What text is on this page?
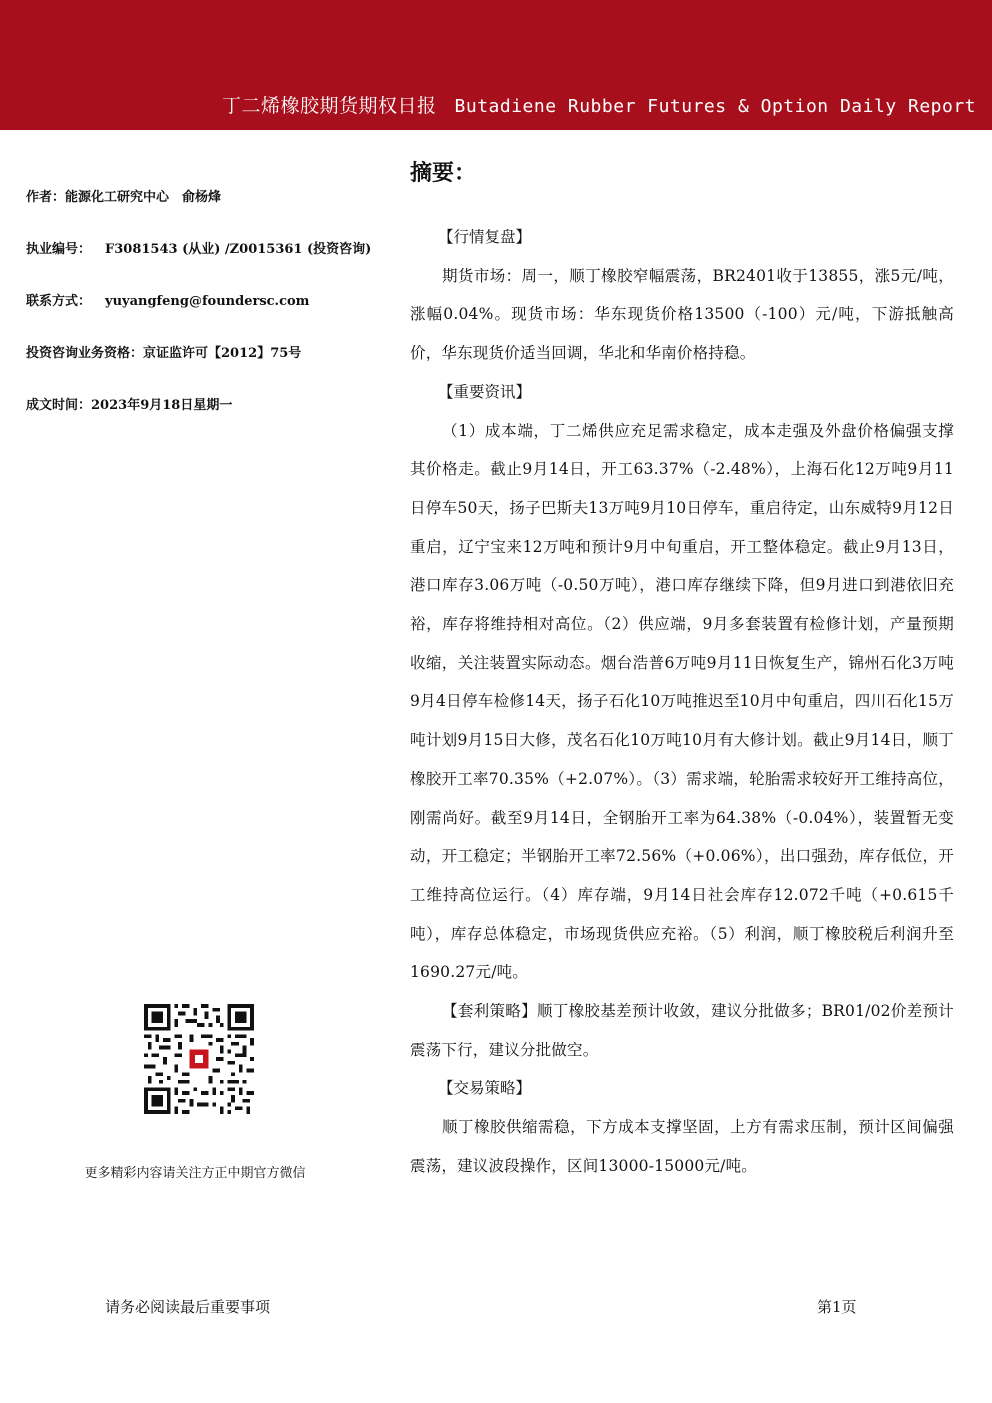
丁二烯橡胶期货期权日报 Butadiene Rubber Futures & Option Daily Report
作者：能源化工研究中心　俞杨烽
执业编号： F3081543 (从业) /Z0015361 (投资咨询)
联系方式： yuyangfeng@foundersc.com
投资咨询业务资格：京证监许可【2012】75号
成文时间：2023年9月18日星期一
更多精彩内容请关注方正中期官方微信
摘要：

【行情复盘】

期货市场：周一，顺丁橡胶窄幅震荡，BR2401收于13855，涨5元/吨，涨幅0.04%。现货市场：华东现货价格13500（-100）元/吨，下游抵触高价，华东现货价适当回调，华北和华南价格持稳。

【重要资讯】

（1）成本端，丁二烯供应充足需求稳定，成本走强及外盘价格偏强支撑其价格走。截止9月14日，开工63.37%（-2.48%），上海石化12万吨9月11日停车50天，扬子巴斯夫13万吨9月10日停车，重启待定，山东威特9月12日重启，辽宁宝来12万吨和预计9月中旬重启，开工整体稳定。截止9月13日，港口库存3.06万吨（-0.50万吨），港口库存继续下降，但9月进口到港依旧充裕，库存将维持相对高位。（2）供应端，9月多套装置有检修计划，产量预期收缩，关注装置实际动态。烟台浩普6万吨9月11日恢复生产，锦州石化3万吨9月4日停车检修14天，扬子石化10万吨推迟至10月中旬重启，四川石化15万吨计划9月15日大修，茂名石化10万吨10月有大修计划。截止9月14日，顺丁橡胶开工率70.35%（+2.07%）。（3）需求端，轮胎需求较好开工维持高位，刚需尚好。截至9月14日，全钢胎开工率为64.38%（-0.04%），装置暂无变动，开工稳定；半钢胎开工率72.56%（+0.06%），出口强劲，库存低位，开工维持高位运行。（4）库存端，9月14日社会库存12.072千吨（+0.615千吨），库存总体稳定，市场现货供应充裕。（5）利润，顺丁橡胶税后利润升至1690.27元/吨。

【套利策略】顺丁橡胶基差预计收敛，建议分批做多；BR01/02价差预计震荡下行，建议分批做空。

【交易策略】

顺丁橡胶供缩需稳，下方成本支撑坚固，上方有需求压制，预计区间偏强震荡，建议波段操作，区间13000-15000元/吨。

请务必阅读最后重要事项	第1页
